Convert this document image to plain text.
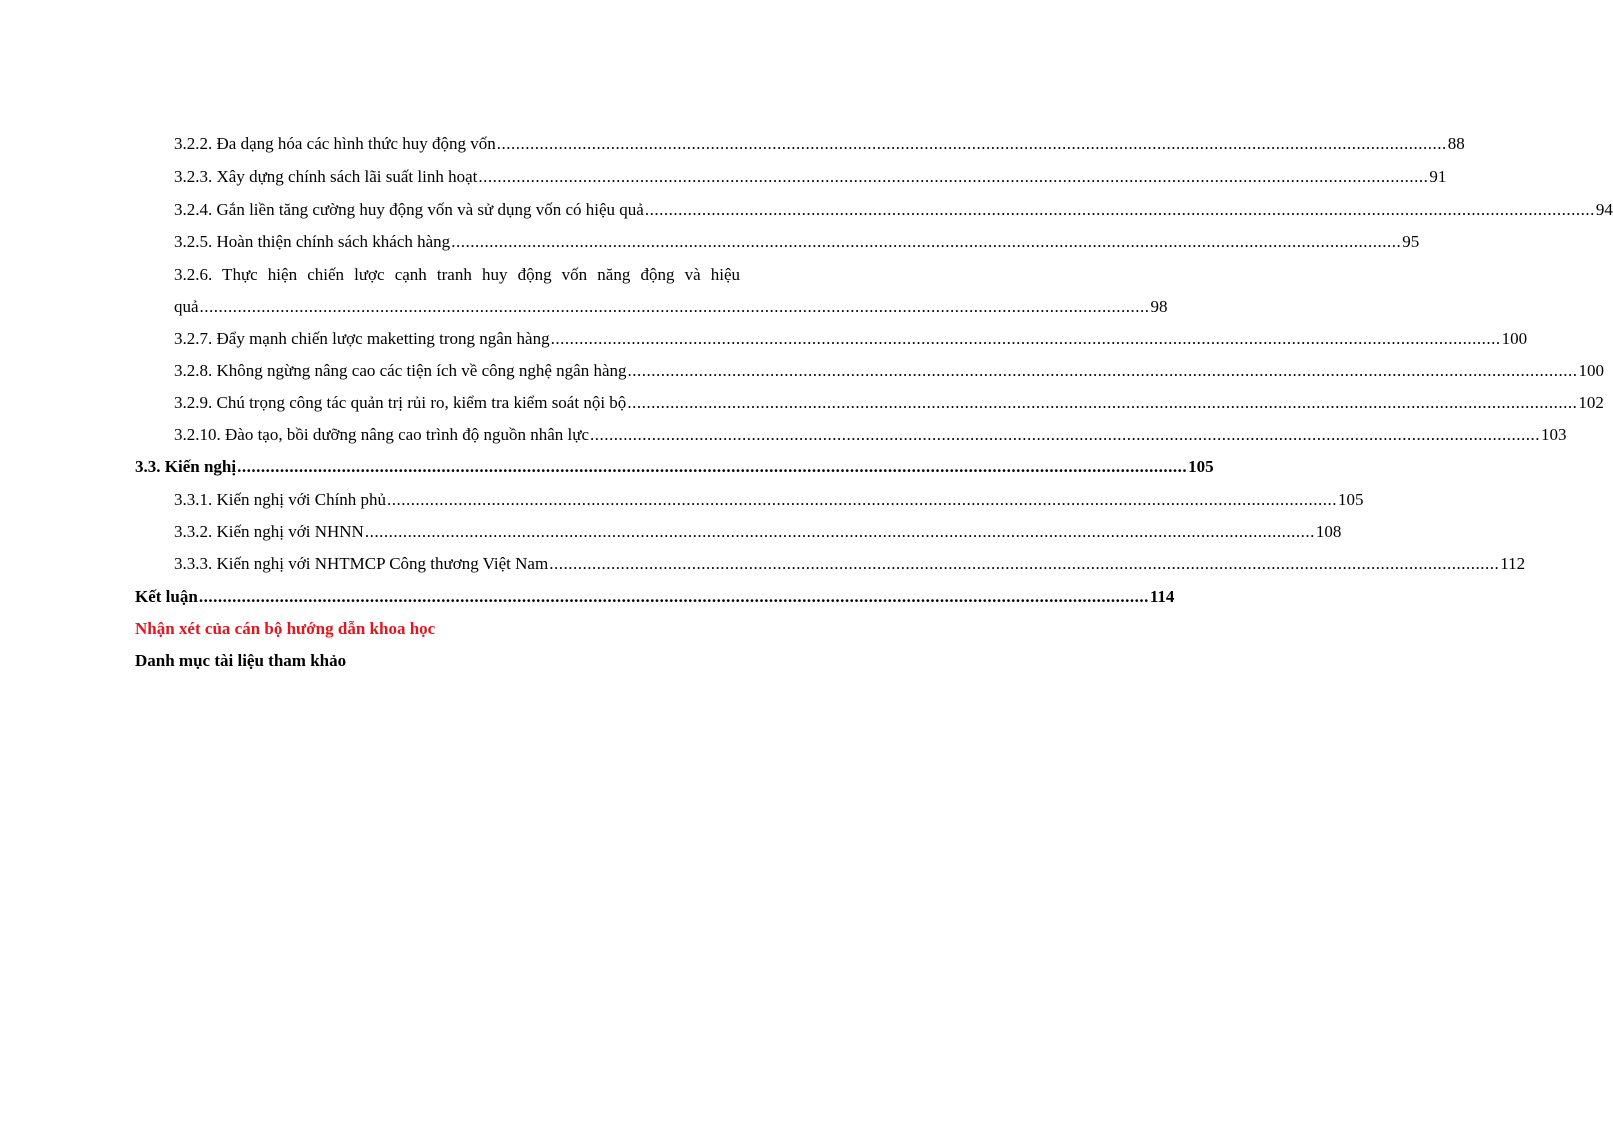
3.2.2. Đa dạng hóa các hình thức huy động vốn ........................................................................................................................................................................................................ 88
3.2.3. Xây dựng chính sách lãi suất linh hoạt ........................................................................................................................................................................................................ 91
3.2.4. Gắn liền tăng cường huy động vốn và sử dụng vốn có hiệu quả ........................................................................................................................................................................................................ 94
3.2.5. Hoàn thiện chính sách khách hàng ........................................................................................................................................................................................................ 95
3.2.6. Thực hiện chiến lược cạnh tranh huy động vốn năng động và hiệu
quả ........................................................................................................................................................................................................ 98
3.2.7. Đẩy mạnh chiến lược maketting trong ngân hàng ........................................................................................................................................................................................................ 100
3.2.8. Không ngừng nâng cao các tiện ích về công nghệ ngân hàng ........................................................................................................................................................................................................ 100
3.2.9. Chú trọng công tác quản trị rủi ro, kiểm tra kiểm soát nội bộ ........................................................................................................................................................................................................ 102
3.2.10. Đào tạo, bồi dưỡng nâng cao trình độ nguồn nhân lực ........................................................................................................................................................................................................ 103
3.3. Kiến nghị ........................................................................................................................................................................................................ 105
3.3.1. Kiến nghị với Chính phủ ........................................................................................................................................................................................................ 105
3.3.2. Kiến nghị với NHNN ........................................................................................................................................................................................................ 108
3.3.3. Kiến nghị với NHTMCP Công thương Việt Nam ........................................................................................................................................................................................................ 112
Kết luận ........................................................................................................................................................................................................ 114
Nhận xét của cán bộ hướng dẫn khoa học
Danh mục tài liệu tham khảo
